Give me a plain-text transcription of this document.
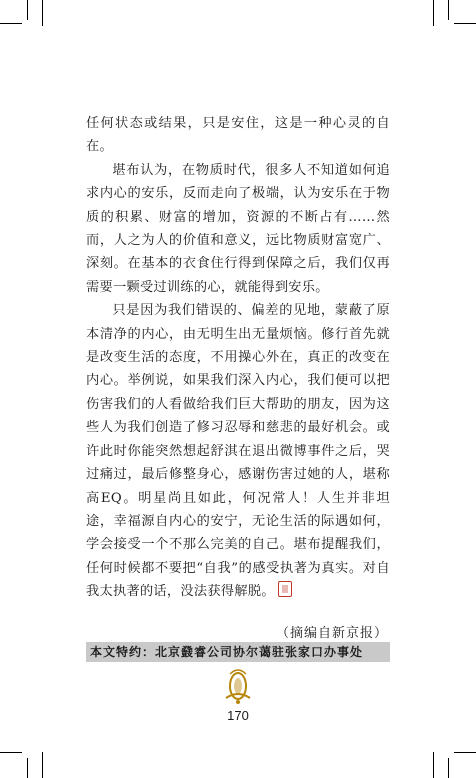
任何状态或结果，只是安住，这是一种心灵的自在。

堪布认为，在物质时代，很多人不知道如何追求内心的安乐，反而走向了极端，认为安乐在于物质的积累、财富的增加，资源的不断占有……然而，人之为人的价值和意义，远比物质财富宽广、深刻。在基本的衣食住行得到保障之后，我们仅再需要一颗受过训练的心，就能得到安乐。

只是因为我们错误的、偏差的见地，蒙蔽了原本清净的内心，由无明生出无量烦恼。修行首先就是改变生活的态度，不用操心外在，真正的改变在内心。举例说，如果我们深入内心，我们便可以把伤害我们的人看做给我们巨大帮助的朋友，因为这些人为我们创造了修习忍辱和慈悲的最好机会。或许此时你能突然想起舒淇在退出微博事件之后，哭过痛过，最后修整身心，感谢伤害过她的人，堪称高EQ。明星尚且如此，何况常人！人生并非坦途，幸福源自内心的安宁，无论生活的际遇如何，学会接受一个不那么完美的自己。堪布提醒我们，任何时候都不要把“自我”的感受执著为真实。对自我太执著的话，没法获得解脱。

（摘编自新京报）
本文特约：北京鼗睿公司协尔蔼驻张家口办事处
170
